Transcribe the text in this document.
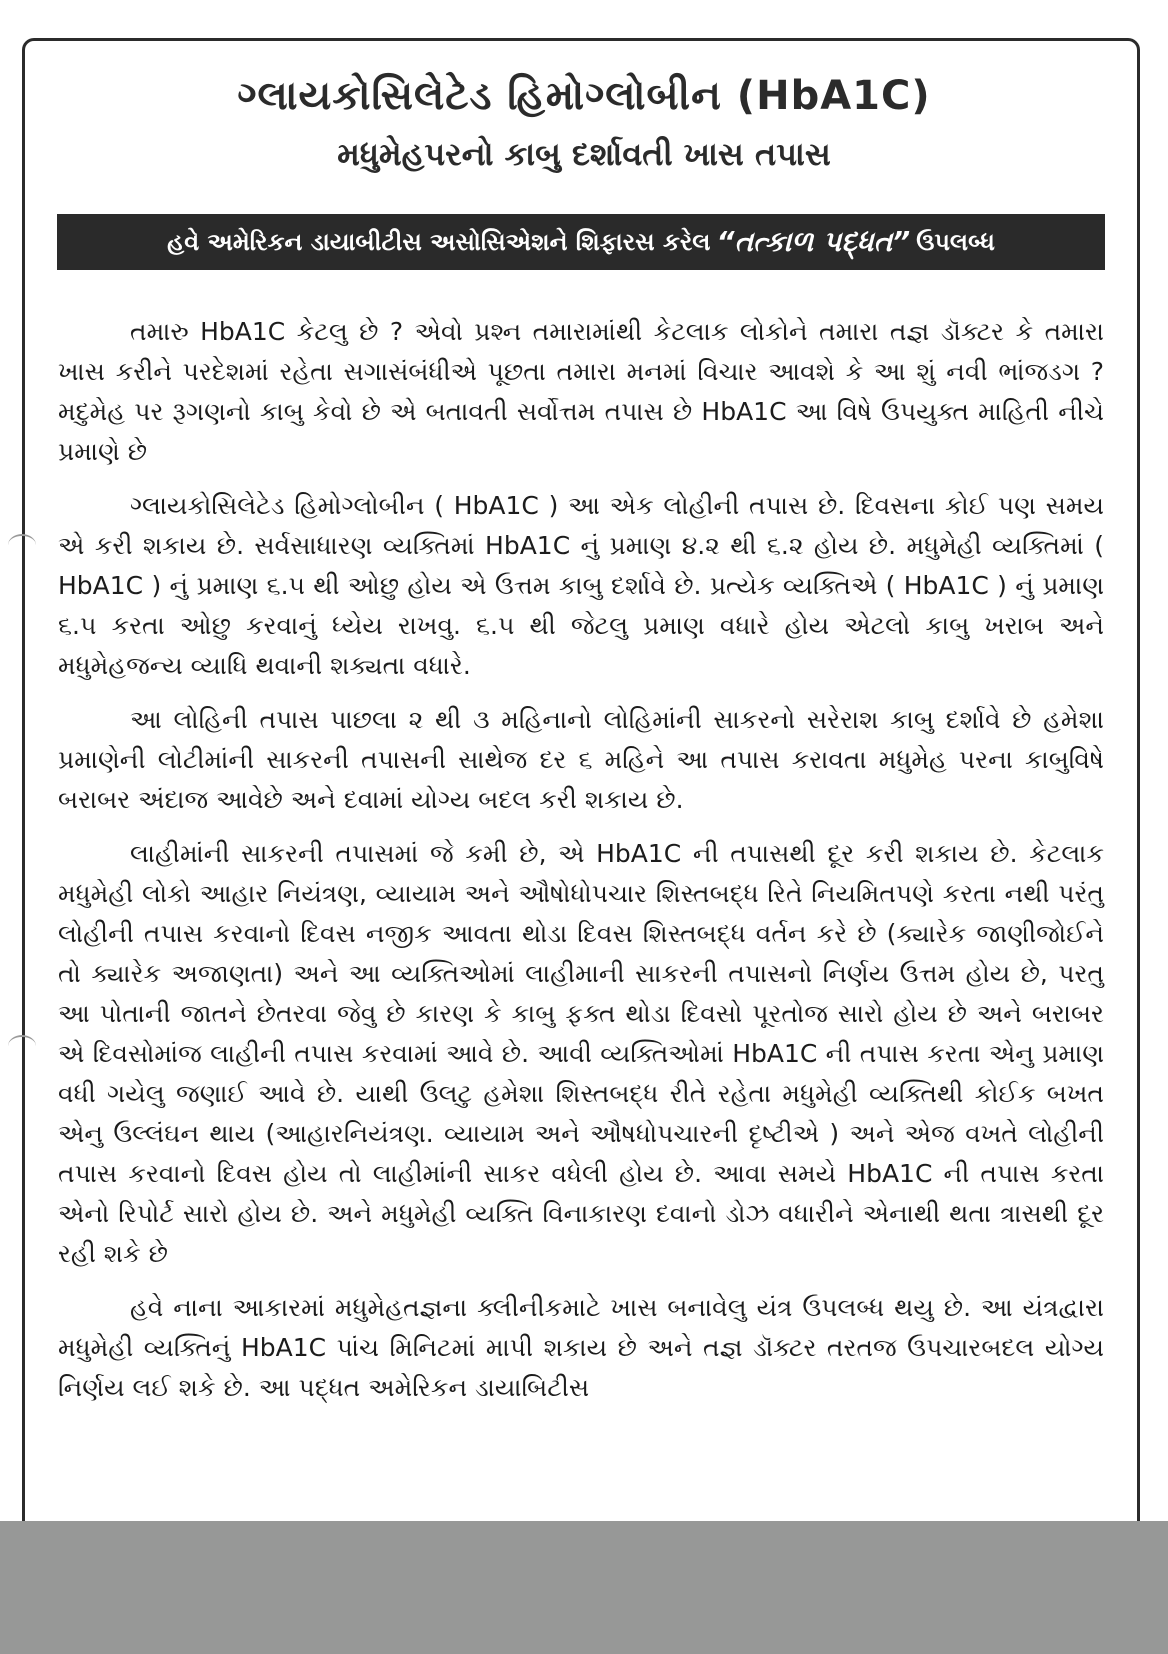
ગ્લાયકોસિલેટેડ હિમોગ્લોબીન (HbA1C)
મધુમેહપરનો કાબુ દર્શાવતી ખાસ તપાસ
હવે અમેરિકન ડાયાબીટીસ અસોસિએશને શિફારસ કરેલ “તત્કાળ પદ્ધત” ઉપલબ્ધ

તમારુ HbA1C કેટલુ છે ? એવો પ્રશ્ન તમારામાંથી કેટલાક લોકોને તમારા તજ્ઞ ડૉક્ટર કે તમારા ખાસ કરીને પરદેશમાં રહેતા સગાસંબંધીએ પૂછતા તમારા મનમાં વિચાર આવશે કે આ શું નવી ભાંજડગ ? મદુમેહ પર રૂગણનો કાબુ કેવો છે એ બતાવતી સર્વોત્તમ તપાસ છે HbA1C આ વિષે ઉપયુક્ત માહિતી નીચે પ્રમાણે છે

ગ્લાયકોસિલેટેડ હિમોગ્લોબીન ( HbA1C ) આ એક લોહીની તપાસ છે. દિવસના કોઈ પણ સમય એ કરી શકાય છે. સર્વસાધારણ વ્યક્તિમાં HbA1C નું પ્રમાણ ૪.૨ થી ૬.૨ હોય છે. મધુમેહી વ્યક્તિમાં ( HbA1C ) નું પ્રમાણ ૬.૫ થી ઓછુ હોય એ ઉત્તમ કાબુ દર્શાવે છે. પ્રત્યેક વ્યક્તિએ ( HbA1C ) નું પ્રમાણ ૬.૫ કરતા ઓછુ કરવાનું ધ્યેય રાખવુ. ૬.૫ થી જેટલુ પ્રમાણ વધારે હોય એટલો કાબુ ખરાબ અને મધુમેહજન્ય વ્યાધિ થવાની શક્યતા વધારે.

આ લોહિની તપાસ પાછલા ૨ થી ૩ મહિનાનો લોહિમાંની સાકરનો સરેરાશ કાબુ દર્શાવે છે હમેશા પ્રમાણેની લોટીમાંની સાકરની તપાસની સાથેજ દર ૬ મહિને આ તપાસ કરાવતા મધુમેહ પરના કાબુવિષે બરાબર અંદાજ આવેછે અને દવામાં યોગ્ય બદલ કરી શકાય છે.

લાહીમાંની સાકરની તપાસમાં જે કમી છે, એ HbA1C ની તપાસથી દૂર કરી શકાય છે. કેટલાક મધુમેહી લોકો આહાર નિયંત્રણ, વ્યાયામ અને ઔષોધોપચાર શિસ્તબદ્ધ રિતે નિયમિતપણે કરતા નથી પરંતુ લોહીની તપાસ કરવાનો દિવસ નજીક આવતા થોડા દિવસ શિસ્તબદ્ધ વર્તન કરે છે (ક્યારેક જાણીજોઈને તો ક્યારેક અજાણતા) અને આ વ્યક્તિઓમાં લાહીમાની સાકરની તપાસનો નિર્ણય ઉત્તમ હોય છે, પરતુ આ પોતાની જાતને છેતરવા જેવુ છે કારણ કે કાબુ ફક્ત થોડા દિવસો પૂરતોજ સારો હોય છે અને બરાબર એ દિવસોમાંજ લાહીની તપાસ કરવામાં આવે છે. આવી વ્યક્તિઓમાં HbA1C ની તપાસ કરતા એનુ પ્રમાણ વધી ગયેલુ જણાઈ આવે છે. યાથી ઉલટુ હમેશા શિસ્તબદ્ધ રીતે રહેતા મધુમેહી વ્યક્તિથી કોઈક બખત એનુ ઉલ્લંઘન થાય (આહારનિયંત્રણ. વ્યાયામ અને ઔષધોપચારની દૃષ્ટીએ ) અને એજ વખતે લોહીની તપાસ કરવાનો દિવસ હોય તો લાહીમાંની સાકર વધેલી હોય છે. આવા સમયે HbA1C ની તપાસ કરતા એનો રિપોર્ટ સારો હોય છે. અને મધુમેહી વ્યક્તિ વિનાકારણ દવાનો ડોઝ વધારીને એનાથી થતા ત્રાસથી દૂર રહી શકે છે

હવે નાના આકારમાં મધુમેહતજ્ઞના ક્લીનીકમાટે ખાસ બનાવેલુ યંત્ર ઉપલબ્ધ થયુ છે. આ યંત્રદ્વારા મધુમેહી વ્યક્તિનું HbA1C પાંચ મિનિટમાં માપી શકાય છે અને તજ્ઞ ડૉક્ટર તરતજ ઉપચારબદલ યોગ્ય નિર્ણય લઈ શકે છે. આ પદ્ધત અમેરિકન ડાયાબિટીસ
